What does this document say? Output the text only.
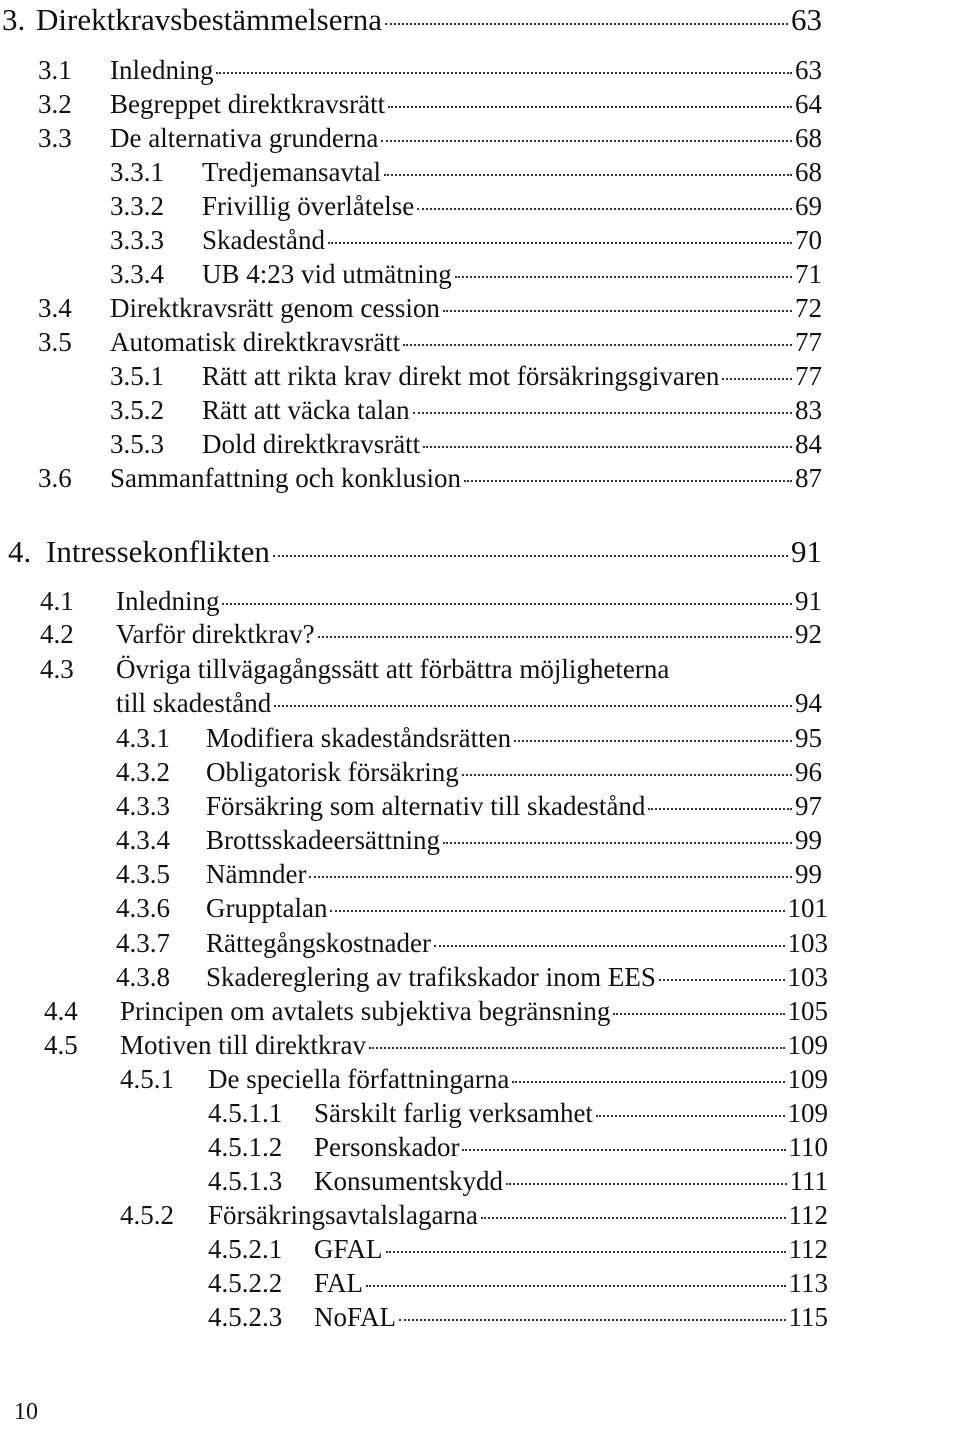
3. Direktkravsbestämmelserna	63
3.1	Inledning	63
3.2	Begreppet direktkravsrätt	64
3.3	De alternativa grunderna	68
3.3.1	Tredjemansavtal	68
3.3.2	Frivillig överlåtelse	69
3.3.3	Skadestånd	70
3.3.4	UB 4:23 vid utmätning	71
3.4	Direktkravsrätt genom cession	72
3.5	Automatisk direktkravsrätt	77
3.5.1	Rätt att rikta krav direkt mot försäkringsgivaren	77
3.5.2	Rätt att väcka talan	83
3.5.3	Dold direktkravsrätt	84
3.6	Sammanfattning och konklusion	87
4. Intressekonflikten	91
4.1	Inledning	91
4.2	Varför direktkrav?	92
4.3	Övriga tillvägagångssätt att förbättra möjligheterna
till skadestånd	94
4.3.1	Modifiera skadeståndsrätten	95
4.3.2	Obligatorisk försäkring	96
4.3.3	Försäkring som alternativ till skadestånd	97
4.3.4	Brottsskadeersättning	99
4.3.5	Nämnder	99
4.3.6	Grupptalan	101
4.3.7	Rättegångskostnader	103
4.3.8	Skadereglering av trafikskador inom EES	103
4.4	Principen om avtalets subjektiva begränsning	105
4.5	Motiven till direktkrav	109
4.5.1	De speciella författningarna	109
4.5.1.1	Särskilt farlig verksamhet	109
4.5.1.2	Personskador	110
4.5.1.3	Konsumentskydd	111
4.5.2	Försäkringsavtalslagarna	112
4.5.2.1	GFAL	112
4.5.2.2	FAL	113
4.5.2.3	NoFAL	115
10
